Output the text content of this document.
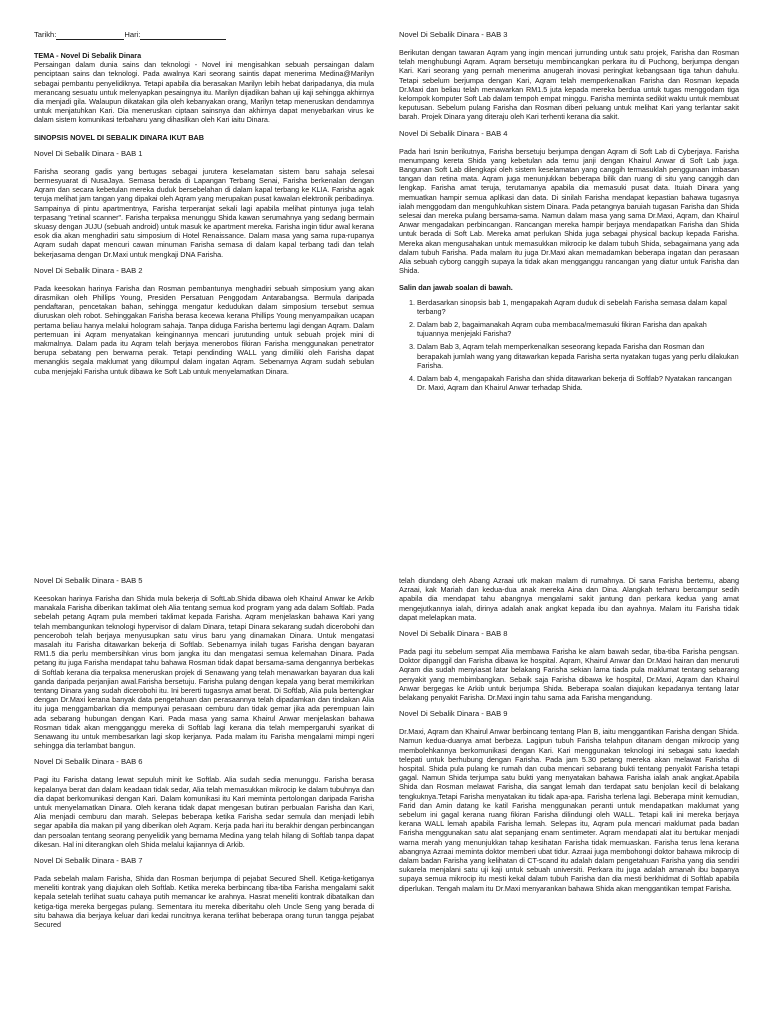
Tarikh:	Hari:

TEMA - Novel Di Sebalik Dinara

Persaingan dalam dunia sains dan teknologi - Novel ini mengisahkan sebuah persaingan dalam penciptaan sains dan teknologi. Pada awalnya Kari seorang saintis dapat menerima Medina@Marilyn sebagai pembantu penyelidiknya. Tetapi apabila dia berasakan Marilyn lebih hebat daripadanya, dia mula merancang sesuatu untuk melenyapkan pesaingnya itu. Marilyn dijadikan bahan uji kaji sehingga akhirnya dia menjadi gila. Walaupun dikatakan gila oleh kebanyakan orang, Marilyn tetap meneruskan dendamnya untuk menjatuhkan Kari. Dia meneruskan ciptaan sainsnya dan akhirnya dapat menyebarkan virus ke dalam sistem komunikasi terbaharu yang dihasilkan oleh Kari iaitu Dinara.

SINOPSIS NOVEL DI SEBALIK DINARA IKUT BAB

Novel Di Sebalik Dinara - BAB 1

Farisha seorang gadis yang bertugas sebagai jurutera keselamatan sistem baru sahaja selesai bermesyuarat di NusaJaya. Semasa berada di Lapangan Terbang Senai, Farisha berkenalan dengan Aqram dan secara kebetulan mereka duduk bersebelahan di dalam kapal terbang ke KLIA. Farisha agak teruja melihat jam tangan yang dipakai oleh Aqram yang merupakan pusat kawalan elektronik peribadinya. Sampainya di pintu apartmentnya, Farisha terperanjat sekali lagi apabila melihat pintunya juga telah terpasang "retinal scanner". Farisha terpaksa menunggu Shida kawan serumahnya yang sedang bermain skuasy dengan JUJU (sebuah android) untuk masuk ke apartment mereka. Farisha ingin tidur awal kerana esok dia akan menghadiri satu simposium di Hotel Renaissance. Dalam masa yang sama rupa-rupanya Aqram sudah dapat mencuri cawan minuman Farisha semasa di dalam kapal terbang tadi dan telah bekerjasama dengan Dr.Maxi untuk mengkaji DNA Farisha.

Novel Di Sebalik Dinara - BAB 2

Pada keesokan harinya Farisha dan Rosman pembantunya menghadiri sebuah simposium yang akan dirasmikan oleh Phillips Young, Presiden Persatuan Penggodam Antarabangsa. Bermula daripada pendaftaran, pencetakan bahan, sehingga mengatur kedudukan dalam simposium tersebut semua diuruskan oleh robot. Sehinggakan Farisha berasa kecewa kerana Phillips Young menyampaikan ucapan pertama beliau hanya melalui hologram sahaja. Tanpa diduga Farisha bertemu lagi dengan Aqram. Dalam pertemuan ini Aqram menyatakan keinginannya mencari jurutunding untuk sebuah projek mini di makmalnya. Dalam pada itu Aqram telah berjaya menerobos fikiran Farisha menggunakan penetrator berupa sebatang pen berwarna perak. Tetapi pendinding WALL yang dimiliki oleh Farisha dapat menangkis segala maklumat yang dikumpul dalam ingatan Aqram. Sebenarnya Aqram sudah sebulan cuba menjejaki Farisha untuk dibawa ke Soft Lab untuk menyelamatkan Dinara.

Novel Di Sebalik Dinara - BAB 3

Berikutan dengan tawaran Aqram yang ingin mencari jurrunding untuk satu projek, Farisha dan Rosman telah menghubungi Aqram. Aqram bersetuju membincangkan perkara itu di Puchong, berjumpa dengan Kari. Kari seorang yang pernah menerima anugerah inovasi peringkat kebangsaan tiga tahun dahulu. Tetapi sebelum berjumpa dengan Kari, Aqram telah memperkenalkan Farisha dan Rosman kepada Dr.Maxi dan beliau telah menawarkan RM1.5 juta kepada mereka berdua untuk tugas menggodam tiga kelompok komputer Soft Lab dalam tempoh empat minggu. Farisha meminta sedikit waktu untuk membuat keputusan. Sebelum pulang Farisha dan Rosman diberi peluang untuk melihat Kari yang terlantar sakit barah. Projek Dinara yang diteraju oleh Kari terhenti kerana dia sakit.

Novel Di Sebalik Dinara - BAB 4

Pada hari Isnin berikutnya, Farisha bersetuju berjumpa dengan Aqram di Soft Lab di Cyberjaya. Farisha menumpang kereta Shida yang kebetulan ada temu janji dengan Khairul Anwar di Soft Lab juga. Bangunan Soft Lab dilengkapi oleh sistem keselamatan yang canggih termasuklah penggunaan imbasan tangan dan retina mata. Aqram juga menunjukkan beberapa bilik dan ruang di situ yang canggih dan lengkap. Farisha amat teruja, terutamanya apabila dia memasuki pusat data. Ituiah Dinara yang memuatkan hampir semua aplikasi dan data. Di sinilah Farisha mendapat kepastian bahawa tugasnya ialah menggodam dan menguhkuhkan sistem Dinara. Pada petangnya baruiah tugasan Farisha dan Shida selesai dan mereka pulang bersama-sama. Namun dalam masa yang sama Dr.Maxi, Aqram, dan Khairul Anwar mengadakan perbincangan. Rancangan mereka hampir berjaya mendapatkan Farisha dan Shida untuk berada di Soft Lab. Mereka amat perlukan Shida juga sebagai physical backup kepada Farisha. Mereka akan mengusahakan untuk memasukkan mikrocip ke dalam tubuh Shida, sebagaimana yang ada dalam tubuh Farisha. Pada malam itu juga Dr.Maxi akan memadamkan beberapa ingatan dan perasaan Alia sebuah cyborg canggih supaya la tidak akan mengganggu rancangan yang diatur untuk Farisha dan Shida.

Salin dan jawab soalan di bawah.

1. Berdasarkan sinopsis bab 1, mengapakah Aqram duduk di sebelah Farisha semasa dalam kapal terbang?
2. Dalam bab 2, bagaimanakah Aqram cuba membaca/memasuki fikiran Farisha dan apakah tujuannya menjejaki Farisha?
3. Dalam Bab 3, Aqram telah memperkenalkan seseorang kepada Farisha dan Rosman dan berapakah jumlah wang yang ditawarkan kepada Farisha serta nyatakan tugas yang perlu dilakukan Farisha.
4. Dalam bab 4, mengapakah Farisha dan shida ditawarkan bekerja di Softlab? Nyatakan rancangan Dr. Maxi, Aqram dan Khairul Anwar terhadap Shida.

Novel Di Sebalik Dinara - BAB 5

Keesokan harinya Farisha dan Shida mula bekerja di SoftLab.Shida dibawa oleh Khairul Anwar ke Arkib manakala Farisha diberikan taklimat oleh Alia tentang semua kod program yang ada dalam Softlab. Pada sebelah petang Aqram pula memberi taklimat kepada Farisha. Aqram menjelaskan bahawa Kari yang telah membangunkan teknologi hypervisor di dalam Dinara, tetapi Dinara sekarang sudah dicerobohi dan penceroboh telah berjaya menyusupkan satu virus baru yang dinamakan Dinara. Untuk mengatasi masalah itu Farisha ditawarkan bekerja di Softlab. Sebenarnya inilah tugas Farisha dengan bayaran RM1.5 dia perlu membersihkan virus bom jangka itu dan mengatasi semua kelemahan Dinara. Pada petang itu juga Farisha mendapat tahu bahawa Rosman tidak dapat bersama-sama dengannya berbekas di Softlab kerana dia terpaksa meneruskan projek di Senawang yang telah menawarkan bayaran dua kali ganda daripada perjanjian awal.Farisha bersetuju. Farisha pulang dengan kepala yang berat memikirkan tentang Dinara yang sudah dicerobohi itu. Ini bererti tugasnya amat berat. Di Softlab, Alia pula bertengkar dengan Dr.Maxi kerana banyak data pengetahuan dan perasaannya telah dipadamkan dan tindakan Alia itu juga menggambarkan dia mempunyai perasaan cemburu dan tidak gemar jika ada perempuan lain ada sebarang hubungan dengan Kari. Pada masa yang sama Khairul Anwar menjelaskan bahawa Rosman tidak akan mengganggu mereka di Softlab lagi kerana dia telah mempergaruhi syarikat di Senawang itu untuk membesarkan lagi skop kerjanya. Pada malam itu Farisha mengalami mimpi ngeri sehingga dia terlambat bangun.

Novel Di Sebalik Dinara - BAB 6

Pagi itu Farisha datang lewat sepuluh minit ke Softlab. Alia sudah sedia menunggu. Farisha berasa kepalanya berat dan dalam keadaan tidak sedar, Alia telah memasukkan mikrocip ke dalam tubuhnya dan dia dapat berkomunikasi dengan Kari. Dalam komunikasi itu Kari meminta pertolongan daripada Farisha untuk menyelamatkan Dinara. Oleh kerana tidak dapat mengesan butiran perbualan Farisha dan Kari, Alia menjadi cemburu dan marah. Selepas beberapa ketika Farisha sedar semula dan menjadi lebih segar apabila dia makan pil yang diberikan oleh Aqram. Kerja pada hari itu berakhir dengan perbincangan dan persoalan tentang seorang penyelidik yang bernama Medina yang telah hilang di Softlab tanpa dapat dikesan. Hal ini diterangkan oleh Shida melalui kajiannya di Arkib.

Novel Di Sebalik Dinara - BAB 7

Pada sebelah malam Farisha, Shida dan Rosman berjumpa di pejabat Secured Shell. Ketiga-ketiganya meneliti kontrak yang diajukan oleh Softlab. Ketika mereka berbincang tiba-tiba Farisha mengalami sakit kepala setelah terlihat suatu cahaya putih memancar ke arahnya. Hasrat meneliti kontrak dibatalkan dan ketiga-tiga mereka bergegas pulang. Sementara itu mereka diberitahu oleh Uncle Seng yang berada di situ bahawa dia berjaya keluar dari kedai runcitnya kerana terlihat beberapa orang turun tangga pejabat Secured

telah diundang oleh Abang Azraai utk makan malam di rumahnya. Di sana Farisha bertemu, abang Azraai, kak Mariah dan kedua-dua anak mereka Aina dan Dina. Alangkah terharu bercampur sedih apabila dia mendapat tahu abangnya mengalami sakit jantung dan perkara kedua yang amat mengejutkannya ialah, dirinya adalah anak angkat kepada ibu dan ayahnya. Malam itu Farisha tidak dapat melelapkan mata.

Novel Di Sebalik Dinara - BAB 8

Pada pagi itu sebelum sempat Alia membawa Farisha ke alam bawah sedar, tiba-tiba Farisha pengsan. Doktor dipanggil dan Farisha dibawa ke hospital. Aqram, Khairul Anwar dan Dr.Maxi hairan dan menuruti Aqram dia sudah menyiasat latar belakang Farisha sekian lama tiada pula maklumat tentang sebarang penyakit yang membimbangkan. Sebaik saja Farisha dibawa ke hospital, Dr.Maxi, Aqram dan Khairul Anwar bergegas ke Arkib untuk berjumpa Shida. Beberapa soalan diajukan kepadanya tentang latar belakang penyakit Farisha. Dr.Maxi ingin tahu sama ada Farisha mengandung.

Novel Di Sebalik Dinara - BAB 9

Dr.Maxi, Aqram dan Khairul Anwar berbincang tentang Plan B, iaitu menggantikan Farisha dengan Shida. Namun kedua-duanya amat berbeza. Lagipun tubuh Farisha telahpun ditanam dengan mikrocip yang membolehkannya berkomunikasi dengan Kari. Kari menggunakan teknologi ini sebagai satu kaedah telepati untuk berhubung dengan Farisha. Pada jam 5.30 petang mereka akan melawat Farisha di hospital. Shida pula pulang ke rumah dan cuba mencari sebarang bukti tentang penyakit Farisha tetapi gagal. Namun Shida terjumpa satu bukti yang menyatakan bahawa Farisha ialah anak angkat.Apabila Shida dan Rosman melawat Farisha, dia sangat lemah dan terdapat satu benjolan kecil di belakang tengkuknya.Tetapi Farisha menyatakan itu tidak apa-apa. Farisha terlena lagi. Beberapa minit kemudian, Farid dan Amin datang ke katil Farisha menggunakan peranti untuk mendapatkan maklumat yang sebelum ini gagal kerana ruang fikiran Farisha dilindungi oleh WALL. Tetapi kali ini mereka berjaya kerana WALL lemah apabila Farisha lemah. Selepas itu, Aqram pula mencari maklumat pada badan Farisha menggunakan satu alat sepanjang enam sentimeter. Aqram mendapati alat itu bertukar menjadi warna merah yang menunjukkan tahap kesihatan Farisha tidak memuaskan. Farisha terus lena kerana abangnya Azraai meminta doktor memberi ubat tidur. Azraai juga membohongi doktor bahawa mikrocip di dalam badan Farisha yang kelihatan di CT-scand itu adalah dalam pengetahuan Farisha yang dia sendiri sukarela menjalani satu uji kaji untuk sebuah universiti. Perkara itu juga adalah amanah ibu bapanya supaya semua mikrocip itu mesti kekal dalam tubuh Farisha dan dia mesti berkhidmat di Softlab apabila diperlukan. Tengah malam itu Dr.Maxi menyarankan bahawa Shida akan menggantikan tempat Farisha.
